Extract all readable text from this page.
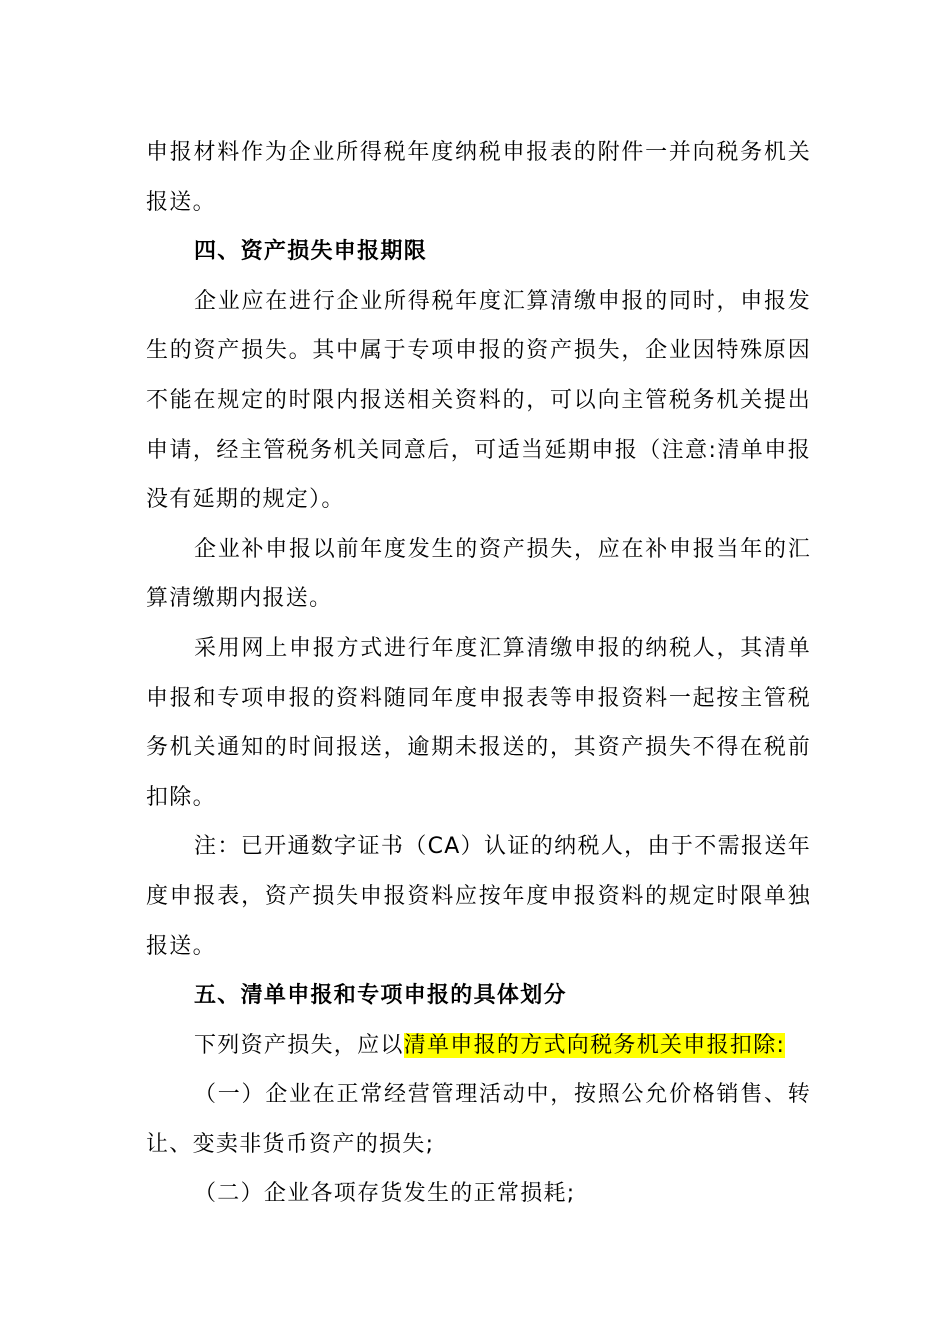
申报材料作为企业所得税年度纳税申报表的附件一并向税务机关报送。

四、资产损失申报期限

企业应在进行企业所得税年度汇算清缴申报的同时，申报发生的资产损失。其中属于专项申报的资产损失，企业因特殊原因不能在规定的时限内报送相关资料的，可以向主管税务机关提出申请，经主管税务机关同意后，可适当延期申报（注意:清单申报没有延期的规定）。

企业补申报以前年度发生的资产损失，应在补申报当年的汇算清缴期内报送。

采用网上申报方式进行年度汇算清缴申报的纳税人，其清单申报和专项申报的资料随同年度申报表等申报资料一起按主管税务机关通知的时间报送，逾期未报送的，其资产损失不得在税前扣除。

注：已开通数字证书（CA）认证的纳税人，由于不需报送年度申报表，资产损失申报资料应按年度申报资料的规定时限单独报送。

五、清单申报和专项申报的具体划分

下列资产损失，应以清单申报的方式向税务机关申报扣除:

（一）企业在正常经营管理活动中，按照公允价格销售、转让、变卖非货币资产的损失;

（二）企业各项存货发生的正常损耗;
